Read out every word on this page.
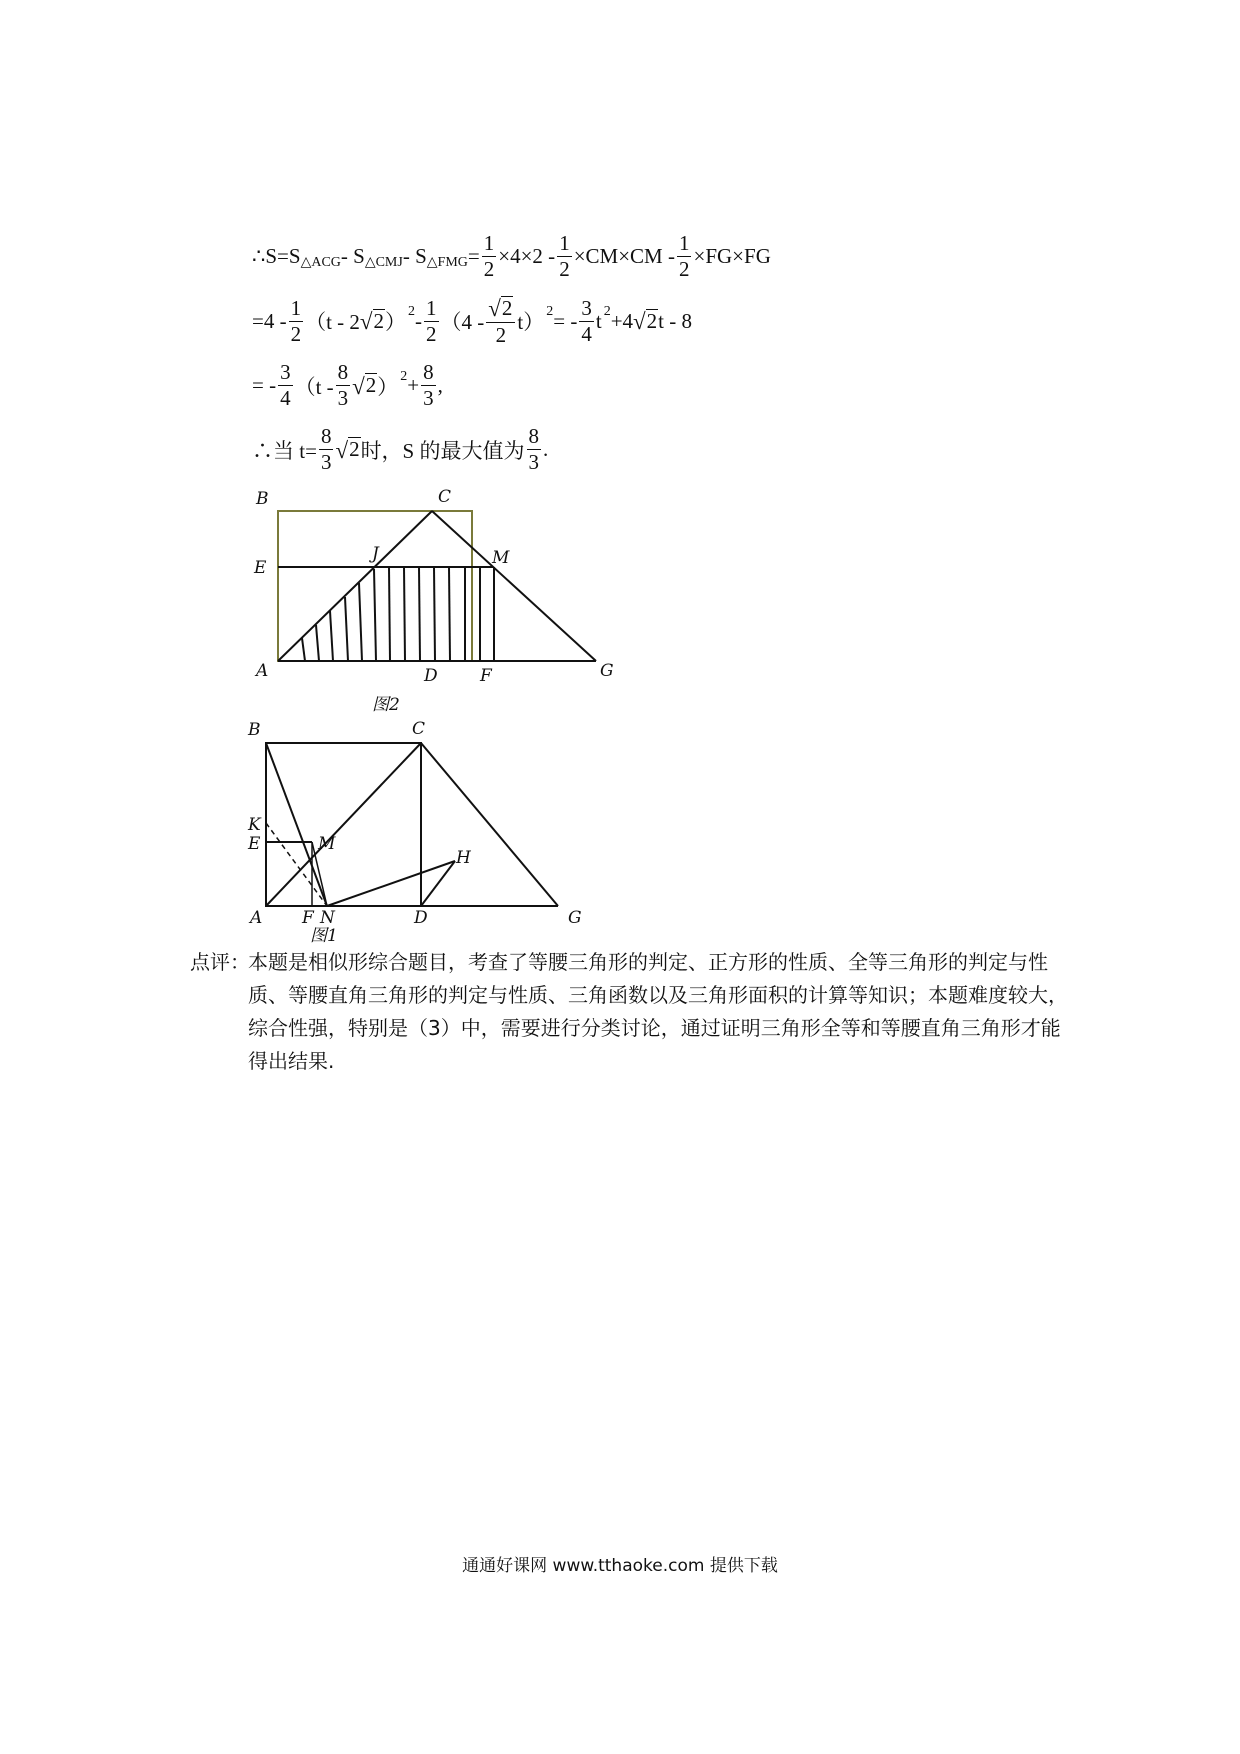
∴S=S △ACG - S △CMJ - S △FMG = $\frac{1}{2} \times 4\times 2 - \frac{1}{2} \times CM\times CM - \frac{1}{2} \times FG\times FG$
$=4 - \frac{1}{2} (t - 2$ √ 2 ） $2 - \frac{1}{2} (4 - \frac{√ 2}{2} t) 2$ = - $\frac{3}{4}$ t 2 +4 √ 2 t - 8
= - $\frac{3}{4} (t - \frac{8}{3}$ √ 2 ） $2 + \frac{8}{3}$ ,
∴当 $t= \frac{8}{3}$ √ 2 时，S 的最大值为 $\frac{8}{3}$ .
B	C
E
J	M
A	D F	G
图2
B	C
K
E	M
H
A F N	D	G
图1
点评：
本题是相似形综合题目，考查了等腰三角形的判定、正方形的性质、全等三角形的判定与性质、等腰直角三角形的判定与性质、三角函数以及三角形面积的计算等知识；本题难度较大，综合性强，特别是（3）中，需要进行分类讨论，通过证明三角形全等和等腰直角三角形才能得出结果.
通通好课网 www.tthaoke.com 提供下载
